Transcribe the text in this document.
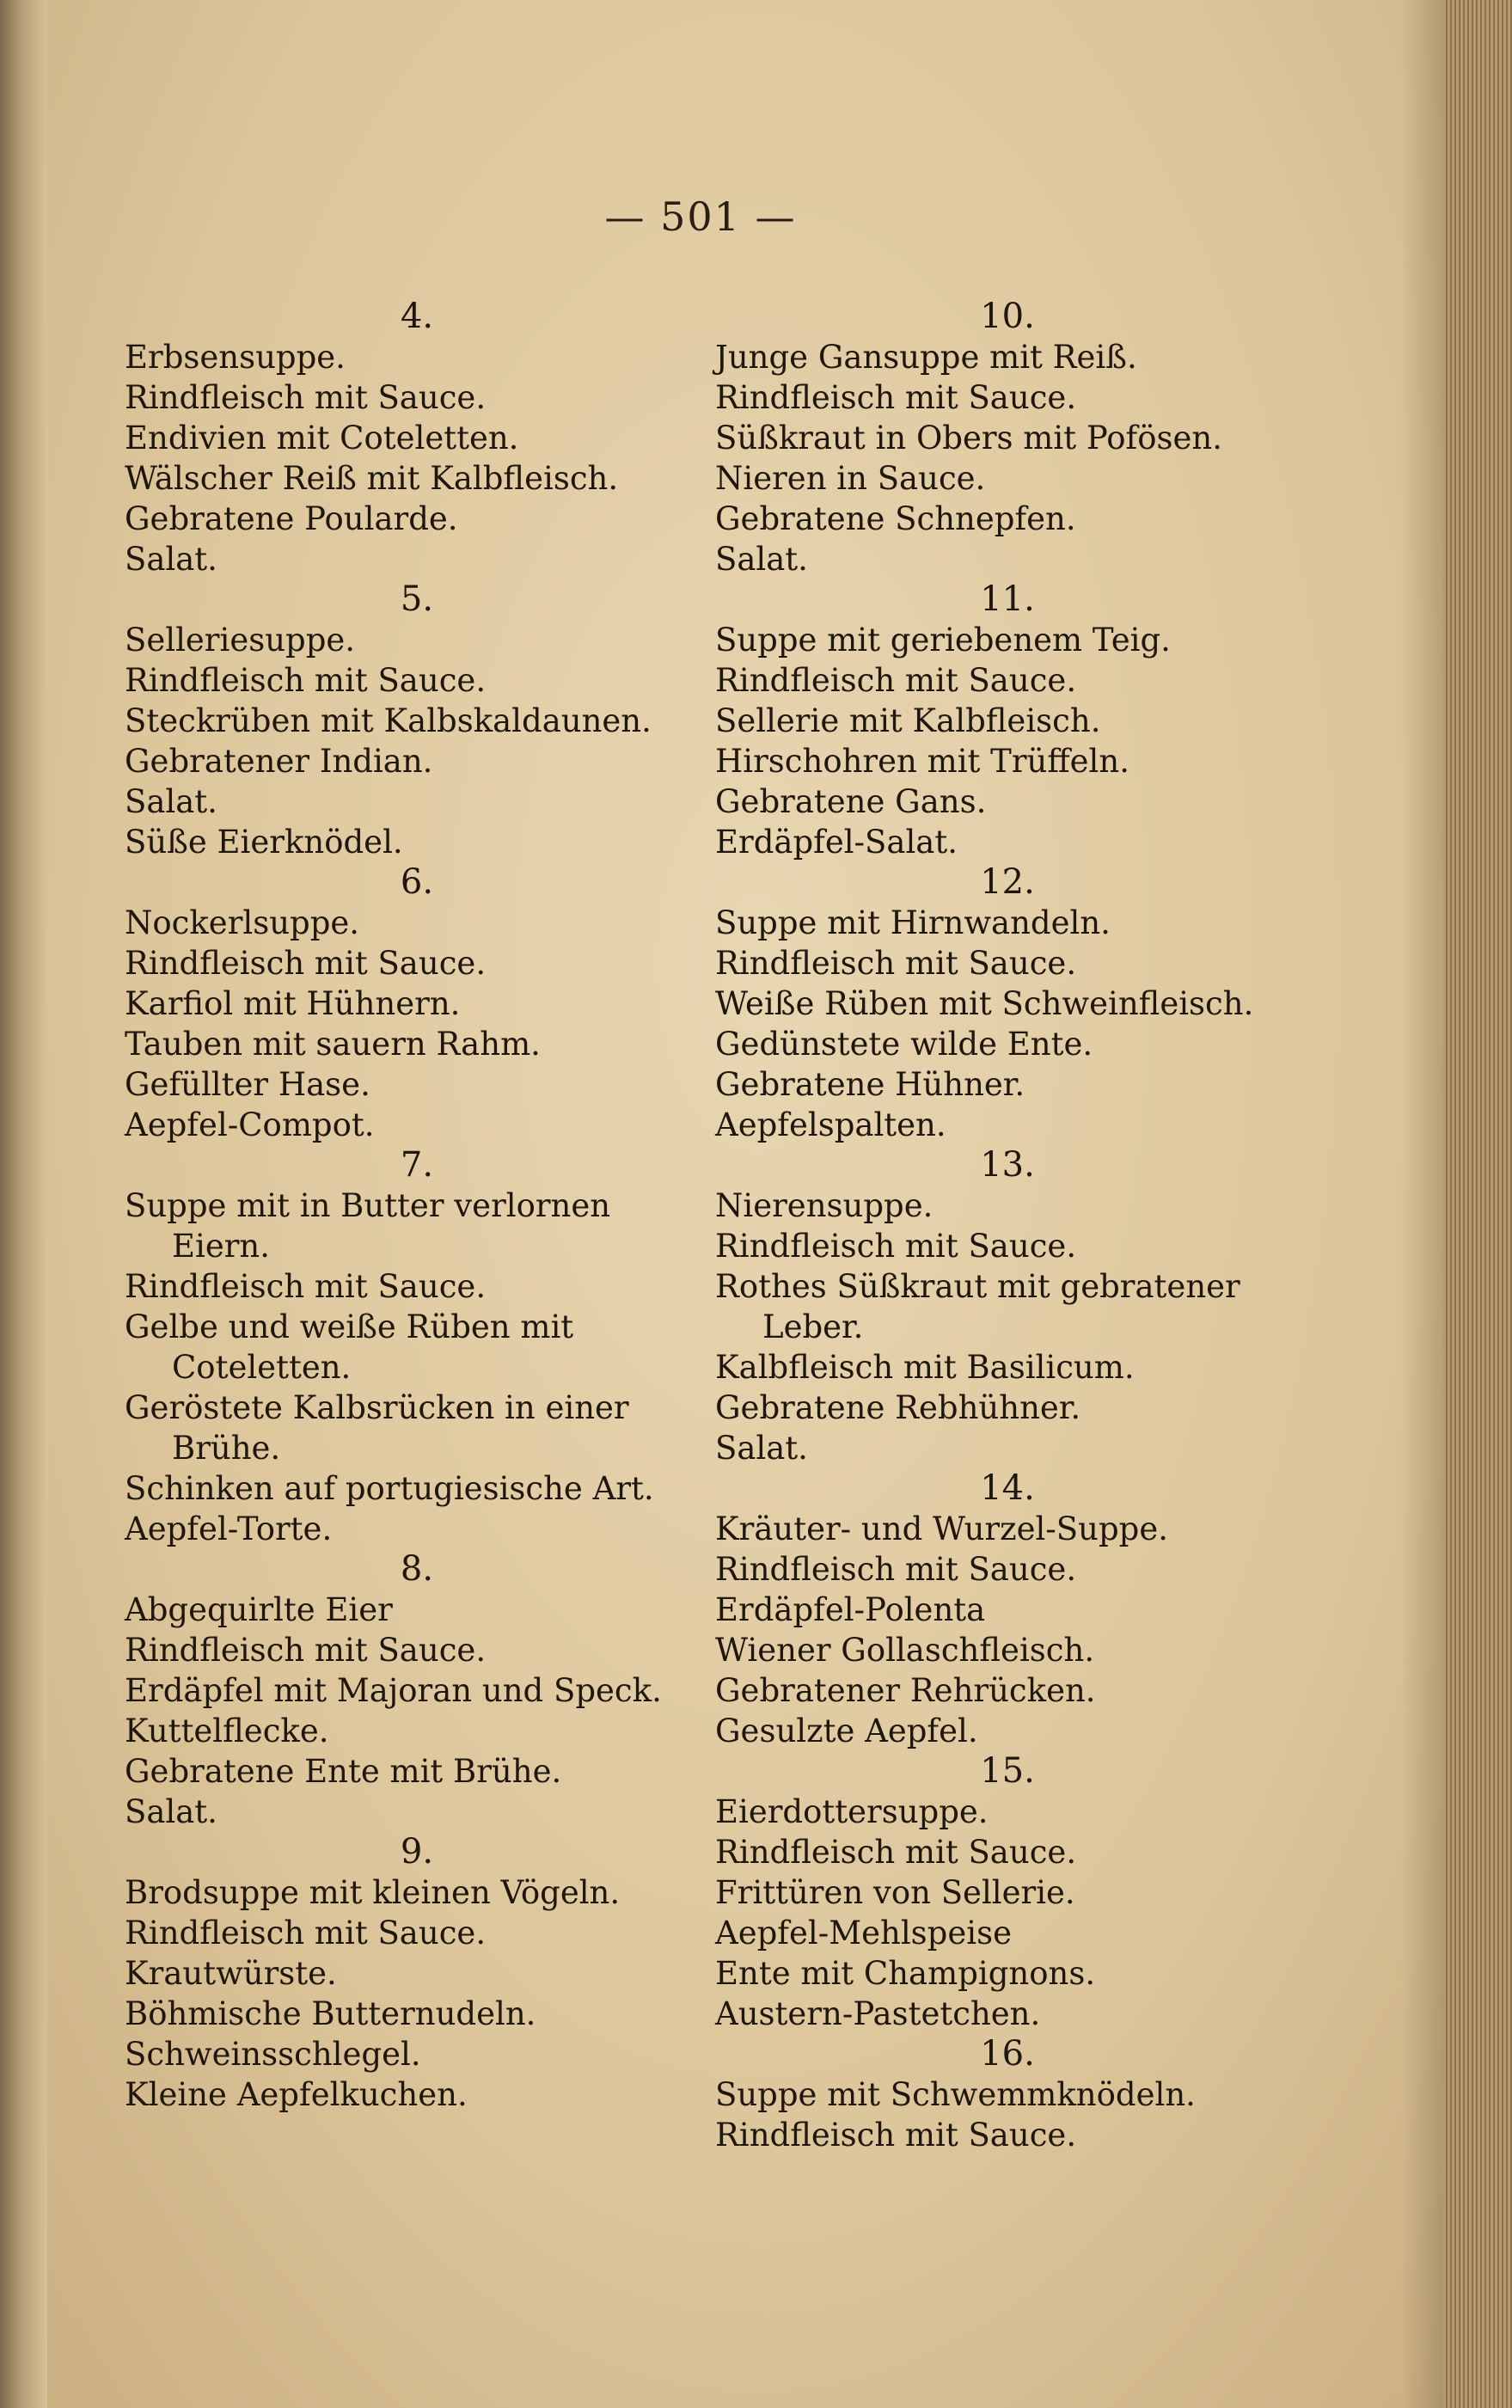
— 501 —

4.

Erbsensuppe.

Rindfleisch mit Sauce.

Endivien mit Coteletten.

Wälscher Reiß mit Kalbfleisch.

Gebratene Poularde.

Salat.

5.

Selleriesuppe.

Rindfleisch mit Sauce.

Steckrüben mit Kalbskaldaunen.

Gebratener Indian.

Salat.

Süße Eierknödel.

6.

Nockerlsuppe.

Rindfleisch mit Sauce.

Karfiol mit Hühnern.

Tauben mit sauern Rahm.

Gefüllter Hase.

Aepfel-Compot.

7.

Suppe mit in Butter verlornen Eiern.

Rindfleisch mit Sauce.

Gelbe und weiße Rüben mit Coteletten.

Geröstete Kalbsrücken in einer Brühe.

Schinken auf portugiesische Art.

Aepfel-Torte.

8.

Abgequirlte Eier

Rindfleisch mit Sauce.

Erdäpfel mit Majoran und Speck.

Kuttelflecke.

Gebratene Ente mit Brühe.

Salat.

9.

Brodsuppe mit kleinen Vögeln.

Rindfleisch mit Sauce.

Krautwürste.

Böhmische Butternudeln.

Schweinsschlegel.

Kleine Aepfelkuchen.

10.

Junge Gansuppe mit Reiß.

Rindfleisch mit Sauce.

Süßkraut in Obers mit Pofösen.

Nieren in Sauce.

Gebratene Schnepfen.

Salat.

11.

Suppe mit geriebenem Teig.

Rindfleisch mit Sauce.

Sellerie mit Kalbfleisch.

Hirschohren mit Trüffeln.

Gebratene Gans.

Erdäpfel-Salat.

12.

Suppe mit Hirnwandeln.

Rindfleisch mit Sauce.

Weiße Rüben mit Schweinfleisch.

Gedünstete wilde Ente.

Gebratene Hühner.

Aepfelspalten.

13.

Nierensuppe.

Rindfleisch mit Sauce.

Rothes Süßkraut mit gebratener Leber.

Kalbfleisch mit Basilicum.

Gebratene Rebhühner.

Salat.

14.

Kräuter- und Wurzel-Suppe.

Rindfleisch mit Sauce.

Erdäpfel-Polenta

Wiener Gollaschfleisch.

Gebratener Rehrücken.

Gesulzte Aepfel.

15.

Eierdottersuppe.

Rindfleisch mit Sauce.

Frittüren von Sellerie.

Aepfel-Mehlspeise

Ente mit Champignons.

Austern-Pastetchen.

16.

Suppe mit Schwemmknödeln.

Rindfleisch mit Sauce.
